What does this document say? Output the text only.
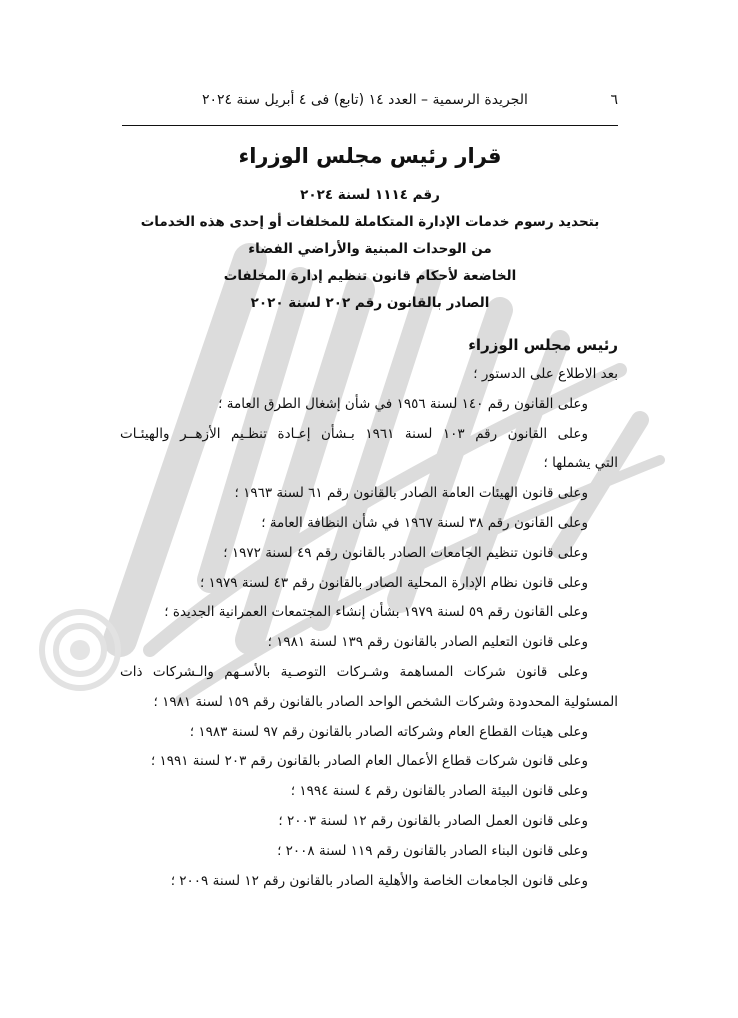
٦
الجريدة الرسمية – العدد ١٤ (تابع) فى ٤ أبريل سنة ٢٠٢٤

قرار رئيس مجلس الوزراء

رقم ١١١٤ لسنة ٢٠٢٤

بتحديد رسوم خدمات الإدارة المتكاملة للمخلفات أو إحدى هذه الخدمات

من الوحدات المبنية والأراضي الفضاء

الخاضعة لأحكام قانون تنظيم إدارة المخلفات

الصادر بالقانون رقم ٢٠٢ لسنة ٢٠٢٠

رئيس مجلس الوزراء

بعد الاطلاع على الدستور ؛

وعلى القانون رقم ١٤٠ لسنة ١٩٥٦ في شأن إشغال الطرق العامة ؛

وعلى القانون رقم ١٠٣ لسنة ١٩٦١ بـشأن إعـادة تنظـيم الأزهــر والهيئـات

التي يشملها ؛

وعلى قانون الهيئات العامة الصادر بالقانون رقم ٦١ لسنة ١٩٦٣ ؛

وعلى القانون رقم ٣٨ لسنة ١٩٦٧ في شأن النظافة العامة ؛

وعلى قانون تنظيم الجامعات الصادر بالقانون رقم ٤٩ لسنة ١٩٧٢ ؛

وعلى قانون نظام الإدارة المحلية الصادر بالقانون رقم ٤٣ لسنة ١٩٧٩ ؛

وعلى القانون رقم ٥٩ لسنة ١٩٧٩ بشأن إنشاء المجتمعات العمرانية الجديدة ؛

وعلى قانون التعليم الصادر بالقانون رقم ١٣٩ لسنة ١٩٨١ ؛

وعلى قانون شركات المساهمة وشـركات التوصـية بالأسـهم والـشركات ذات

المسئولية المحدودة وشركات الشخص الواحد الصادر بالقانون رقم ١٥٩ لسنة ١٩٨١ ؛

وعلى هيئات القطاع العام وشركاته الصادر بالقانون رقم ٩٧ لسنة ١٩٨٣ ؛

وعلى قانون شركات قطاع الأعمال العام الصادر بالقانون رقم ٢٠٣ لسنة ١٩٩١ ؛

وعلى قانون البيئة الصادر بالقانون رقم ٤ لسنة ١٩٩٤ ؛

وعلى قانون العمل الصادر بالقانون رقم ١٢ لسنة ٢٠٠٣ ؛

وعلى قانون البناء الصادر بالقانون رقم ١١٩ لسنة ٢٠٠٨ ؛

وعلى قانون الجامعات الخاصة والأهلية الصادر بالقانون رقم ١٢ لسنة ٢٠٠٩ ؛
